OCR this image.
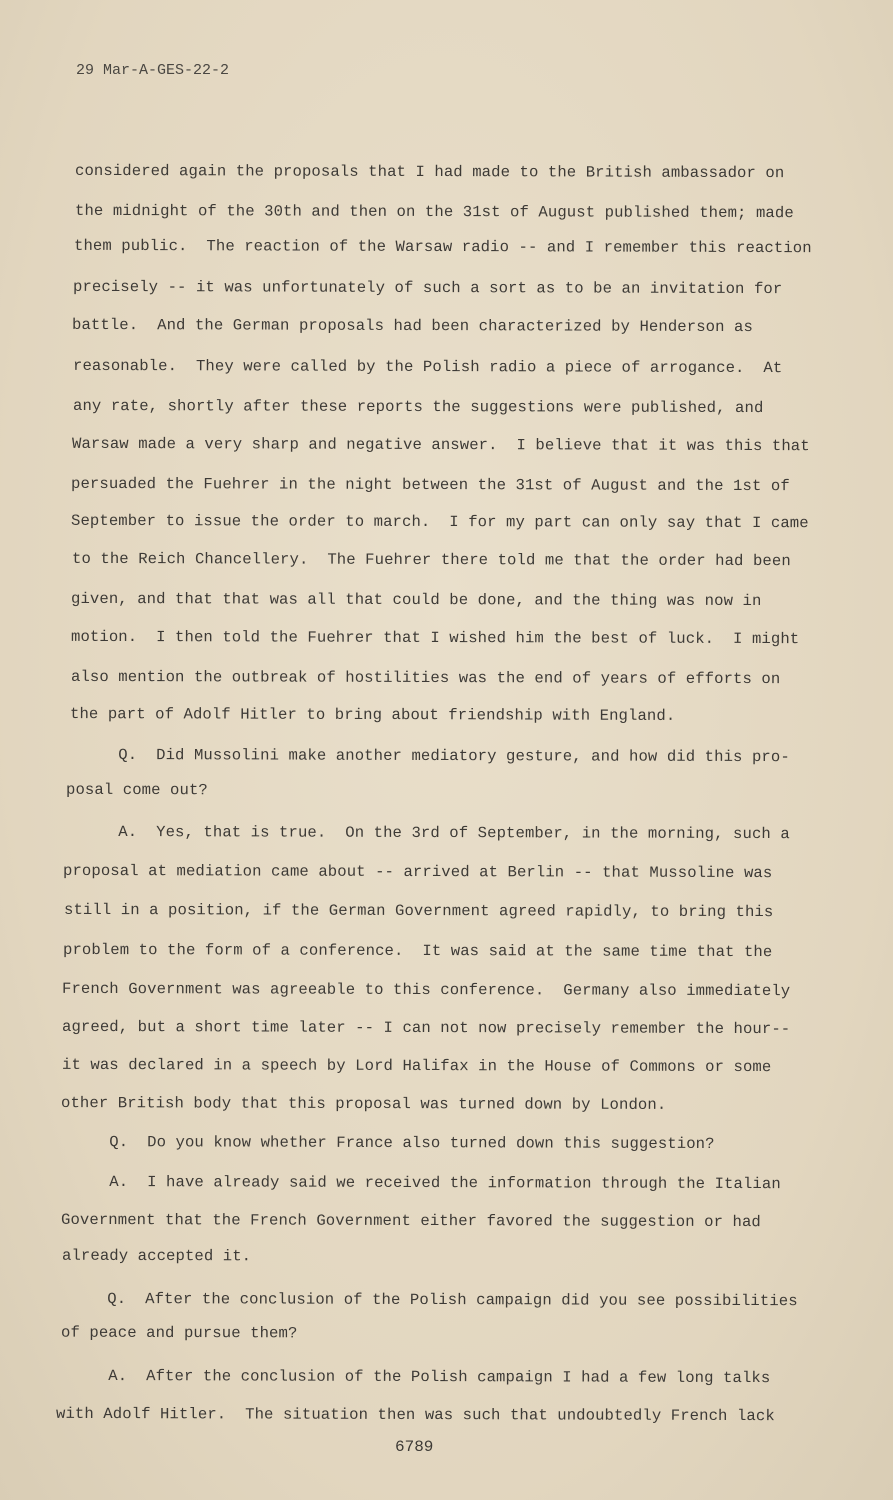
29 Mar-A-GES-22-2
considered again the proposals that I had made to the British ambassador on
the midnight of the 30th and then on the 31st of August published them; made
them public.  The reaction of the Warsaw radio -- and I remember this reaction
precisely -- it was unfortunately of such a sort as to be an invitation for
battle.  And the German proposals had been characterized by Henderson as
reasonable.  They were called by the Polish radio a piece of arrogance.  At
any rate, shortly after these reports the suggestions were published, and
Warsaw made a very sharp and negative answer.  I believe that it was this that
persuaded the Fuehrer in the night between the 31st of August and the 1st of
September to issue the order to march.  I for my part can only say that I came
to the Reich Chancellery.  The Fuehrer there told me that the order had been
given, and that that was all that could be done, and the thing was now in
motion.  I then told the Fuehrer that I wished him the best of luck.  I might
also mention the outbreak of hostilities was the end of years of efforts on
the part of Adolf Hitler to bring about friendship with England.
Q.  Did Mussolini make another mediatory gesture, and how did this pro-
posal come out?
A.  Yes, that is true.  On the 3rd of September, in the morning, such a
proposal at mediation came about -- arrived at Berlin -- that Mussoline was
still in a position, if the German Government agreed rapidly, to bring this
problem to the form of a conference.  It was said at the same time that the
French Government was agreeable to this conference.  Germany also immediately
agreed, but a short time later -- I can not now precisely remember the hour--
it was declared in a speech by Lord Halifax in the House of Commons or some
other British body that this proposal was turned down by London.
Q.  Do you know whether France also turned down this suggestion?
A.  I have already said we received the information through the Italian
Government that the French Government either favored the suggestion or had
already accepted it.
Q.  After the conclusion of the Polish campaign did you see possibilities
of peace and pursue them?
A.  After the conclusion of the Polish campaign I had a few long talks
with Adolf Hitler.  The situation then was such that undoubtedly French lack
6789
